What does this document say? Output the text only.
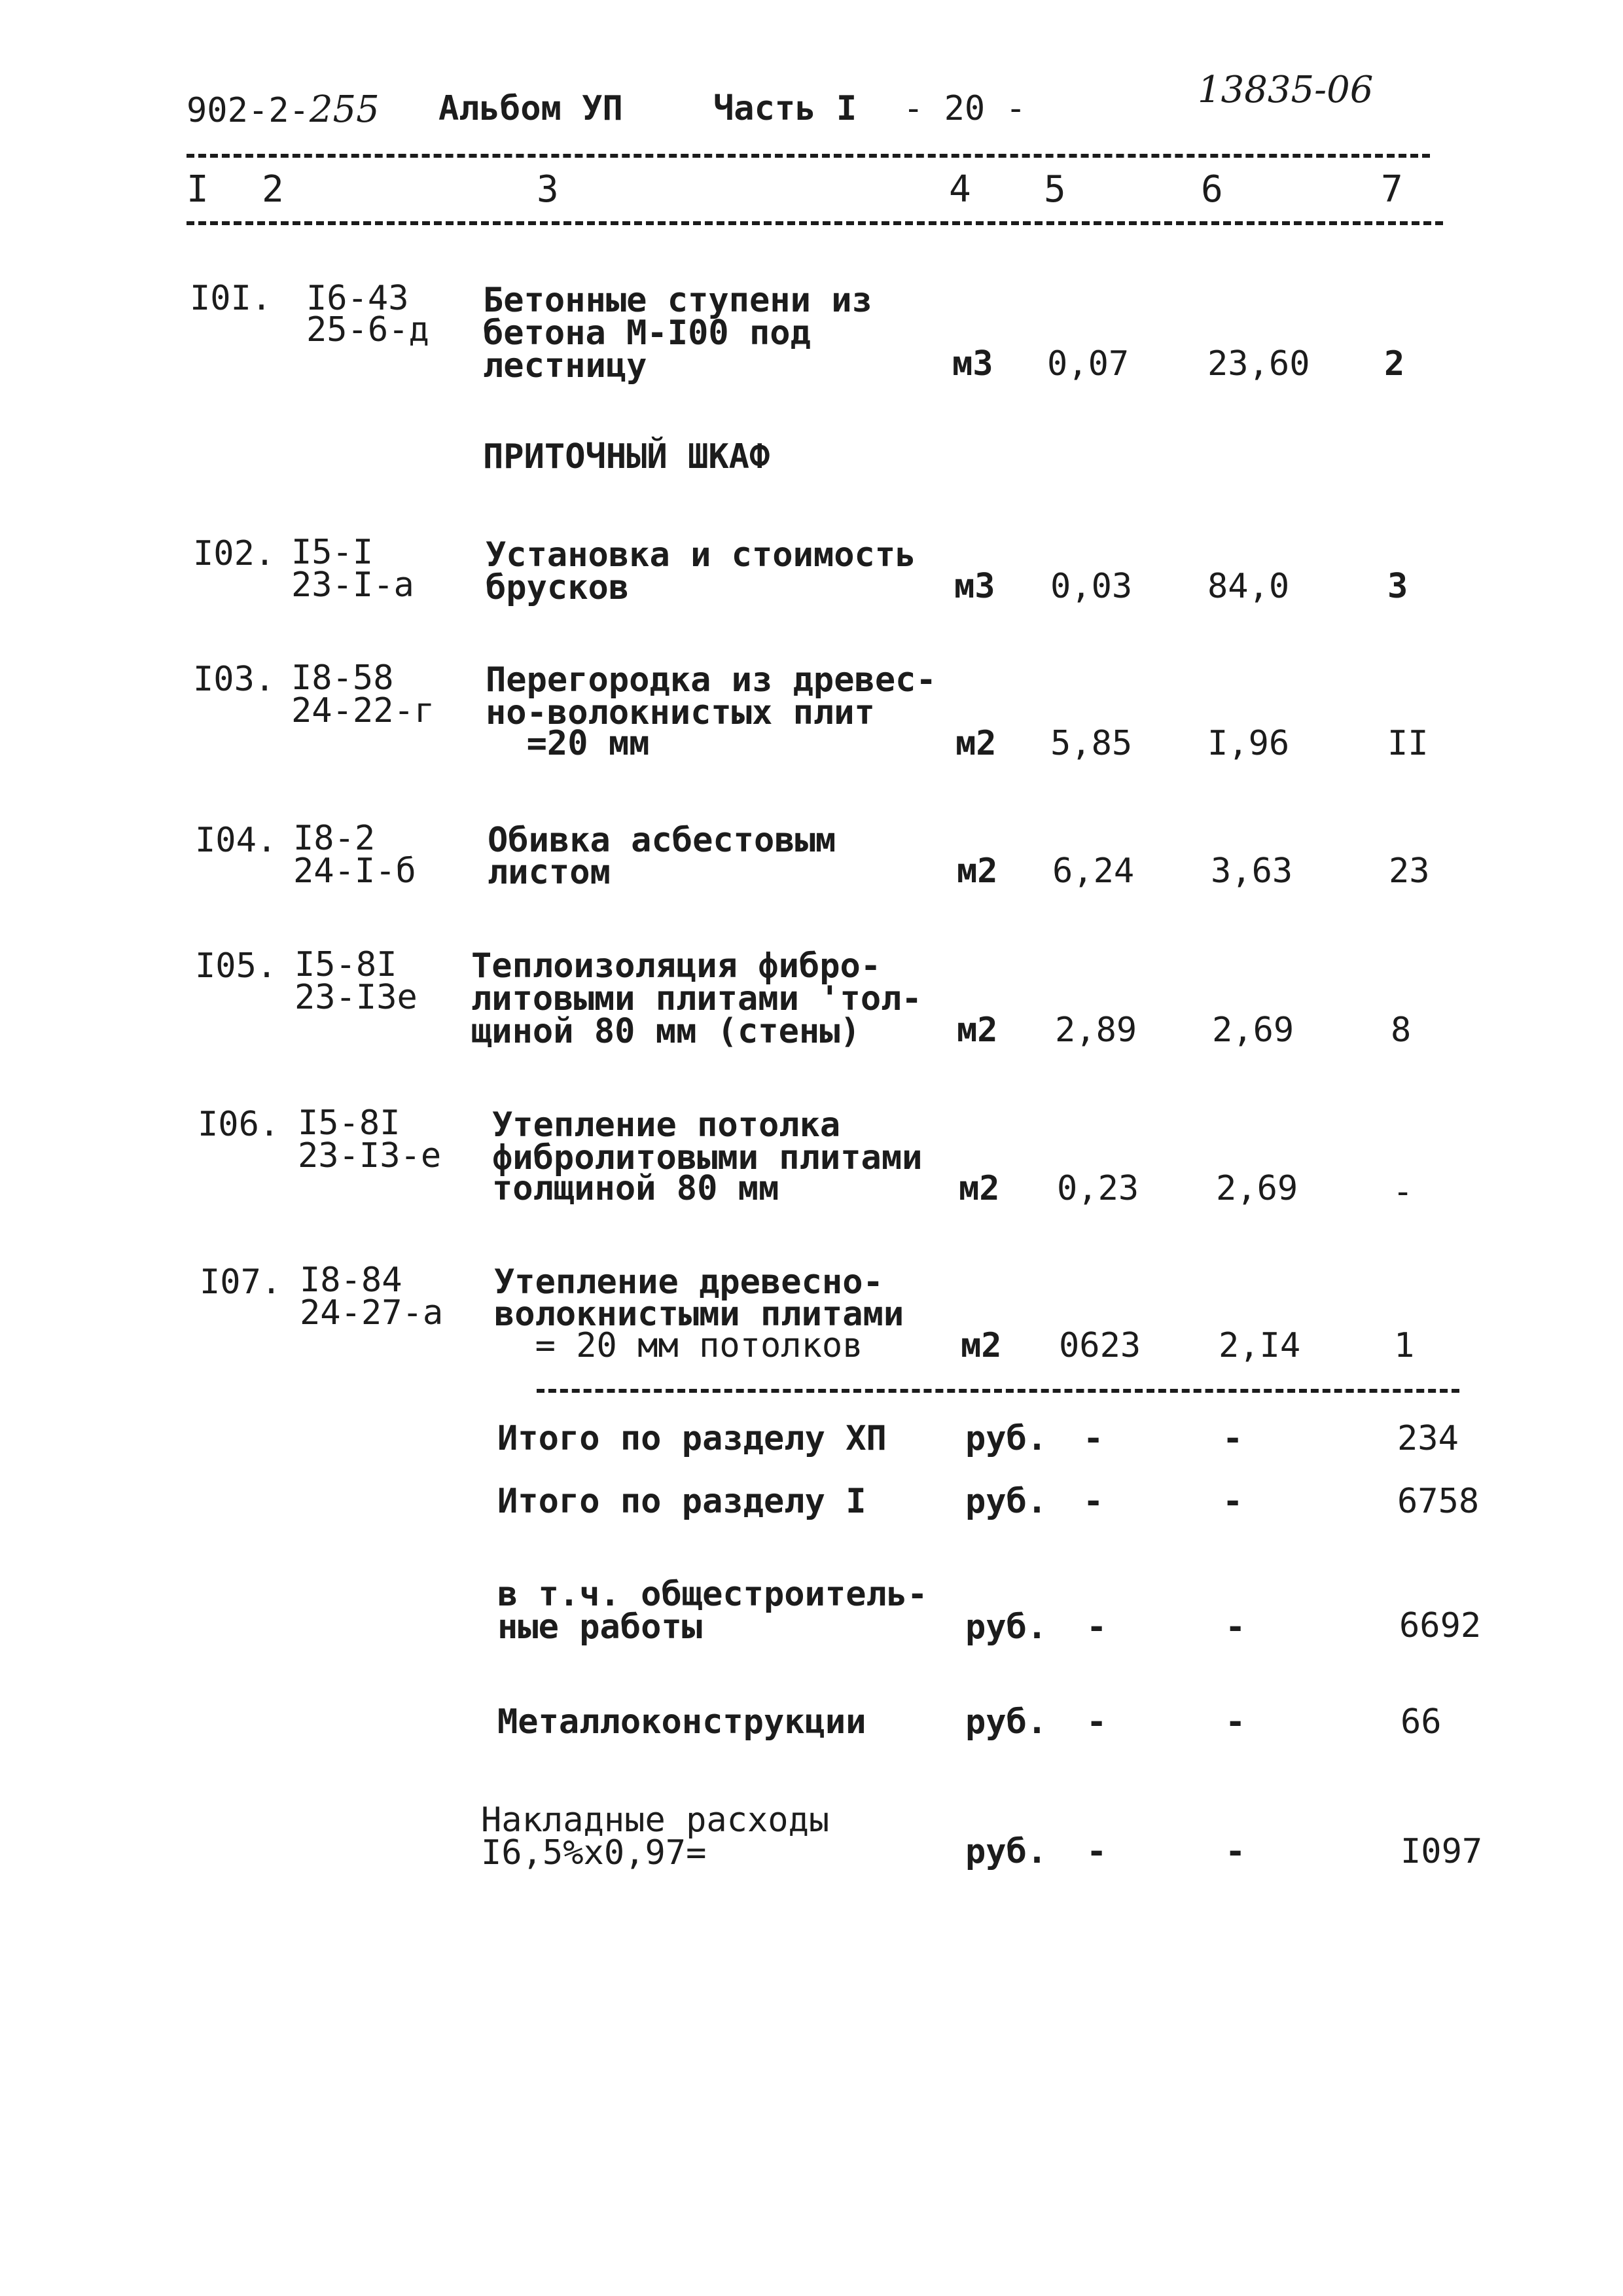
902-2-255 Альбом УП	Часть I - 20 -	13835-06
I 2	3	4 5	6	7
I0I. I6-43
25-6-д
Бетонные ступени из
бетона М-I00 под
лестницу	м3 0,07 23,60 2
ПРИТОЧНЫЙ ШКАФ
I02. I5-I
23-I-а
Установка и стоимость
брусков	м3 0,03 84,0	3
I03. I8-58
24-22-г
Перегородка из древес-
но-волокнистых плит
=20 мм	м2 5,85 I,96	II
I04. I8-2
24-I-б
Обивка асбестовым
листом	м2 6,24 3,63	23
I05. I5-8I
23-I3е
Теплоизоляция фибро-
литовыми плитами 'тол-
щиной 80 мм (стены)	м2 2,89 2,69	8
I06. I5-8I
23-I3-е
Утепление потолка
фибролитовыми плитами
толщиной 80 мм	м2 0,23 2,69	-
I07. I8-84
24-27-а
Утепление древесно-
волокнистыми плитами
= 20 мм потолков	м2 0623 2,I4	1
Итого по разделу XП руб. -	-	234
Итого по разделу I	руб. -	-	6758
в т.ч. общестроитель-
ные работы	руб. -	-	6692
Металлоконструкции	руб. -	-	66
Накладные расходы
I6,5%х0,97=	руб. -	-	I097
